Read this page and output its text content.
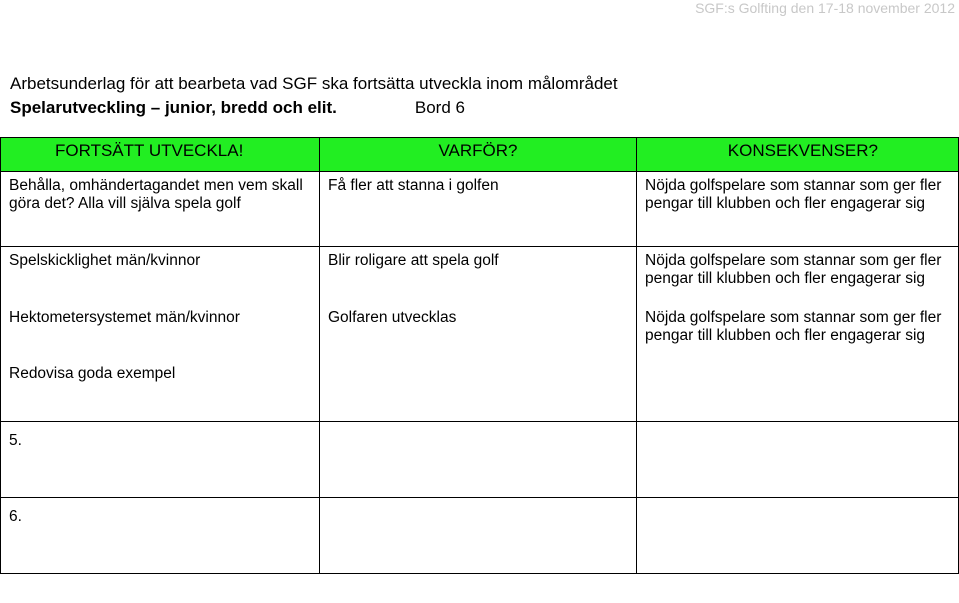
SGF:s Golfting den 17-18 november 2012
Arbetsunderlag för att bearbeta vad SGF ska fortsätta utveckla inom målområdet
Spelarutveckling – junior, bredd och elit.	Bord 6
FORTSÄTT UTVECKLA!	VARFÖR?	KONSEKVENSER?
Behålla, omhändertagandet men vem skall göra det? Alla vill själva spela golf	Få fler att stanna i golfen	Nöjda golfspelare som stannar som ger fler pengar till klubben och fler engagerar sig
Spelskicklighet män/kvinnor	Blir roligare att spela golf	Nöjda golfspelare som stannar som ger fler pengar till klubben och fler engagerar sig
Hektometersystemet män/kvinnor	Golfaren utvecklas	Nöjda golfspelare som stannar som ger fler pengar till klubben och fler engagerar sig
Redovisa goda exempel		
5.		
6.		
